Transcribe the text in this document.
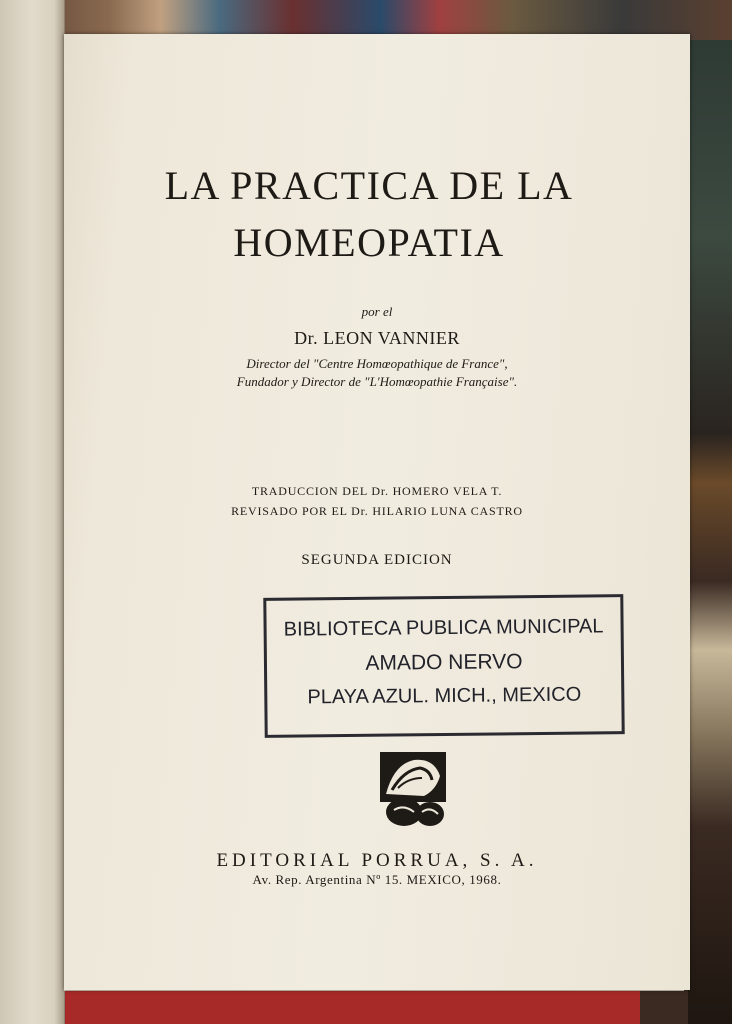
LA PRACTICA DE LA
HOMEOPATIA
por el
Dr. LEON VANNIER
Director del "Centre Homœopathique de France",
Fundador y Director de "L'Homœopathie Française".
TRADUCCION DEL Dr. HOMERO VELA T.
REVISADO POR EL Dr. HILARIO LUNA CASTRO
SEGUNDA EDICION
BIBLIOTECA PUBLICA MUNICIPAL
AMADO NERVO
PLAYA AZUL. MICH., MEXICO
EDITORIAL PORRUA, S. A.
Av. Rep. Argentina Nº 15. MEXICO, 1968.
